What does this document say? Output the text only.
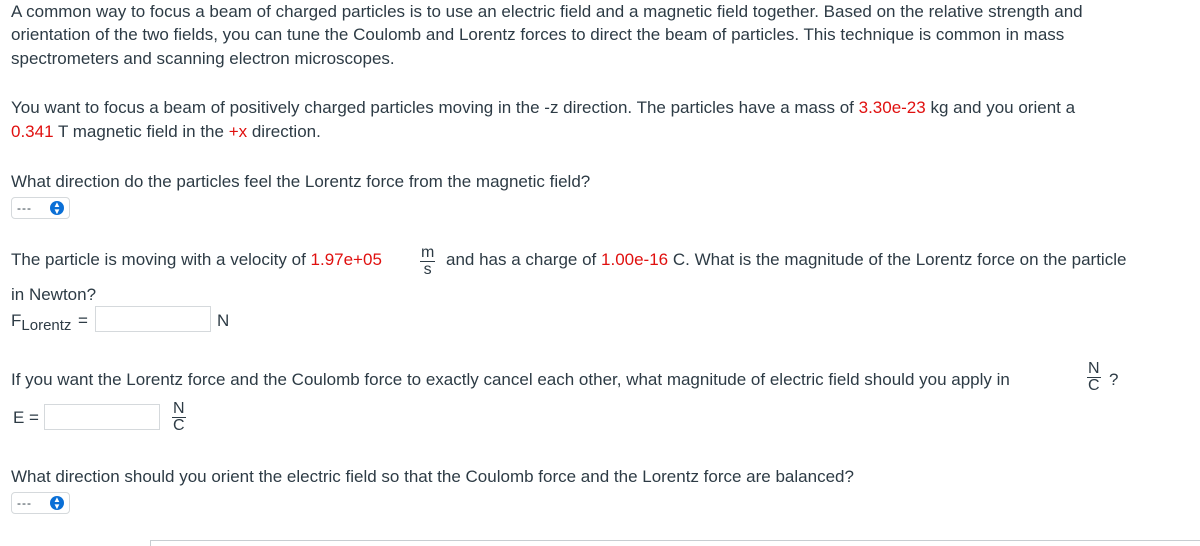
A common way to focus a beam of charged particles is to use an electric field and a magnetic field together. Based on the relative strength and
orientation of the two fields, you can tune the Coulomb and Lorentz forces to direct the beam of particles. This technique is common in mass
spectrometers and scanning electron microscopes.
You want to focus a beam of positively charged particles moving in the -z direction. The particles have a mass of 3.30e-23 kg and you orient a
0.341 T magnetic field in the +x direction.
What direction do the particles feel the Lorentz force from the magnetic field?
---	▲
▼
The particle is moving with a velocity of $1.97e+05 \frac{m}{s}$ and has a charge of 1.00e-16 C. What is the magnitude of the Lorentz force on the particle
in Newton?
FLorentz =	N
If you want the Lorentz force and the Coulomb force to exactly cancel each other, what magnitude of electric field should you apply in	$\frac{N}{C}$ ?
E =	$\frac{N}{C}$
What direction should you orient the electric field so that the Coulomb force and the Lorentz force are balanced?
---	▲
▼
